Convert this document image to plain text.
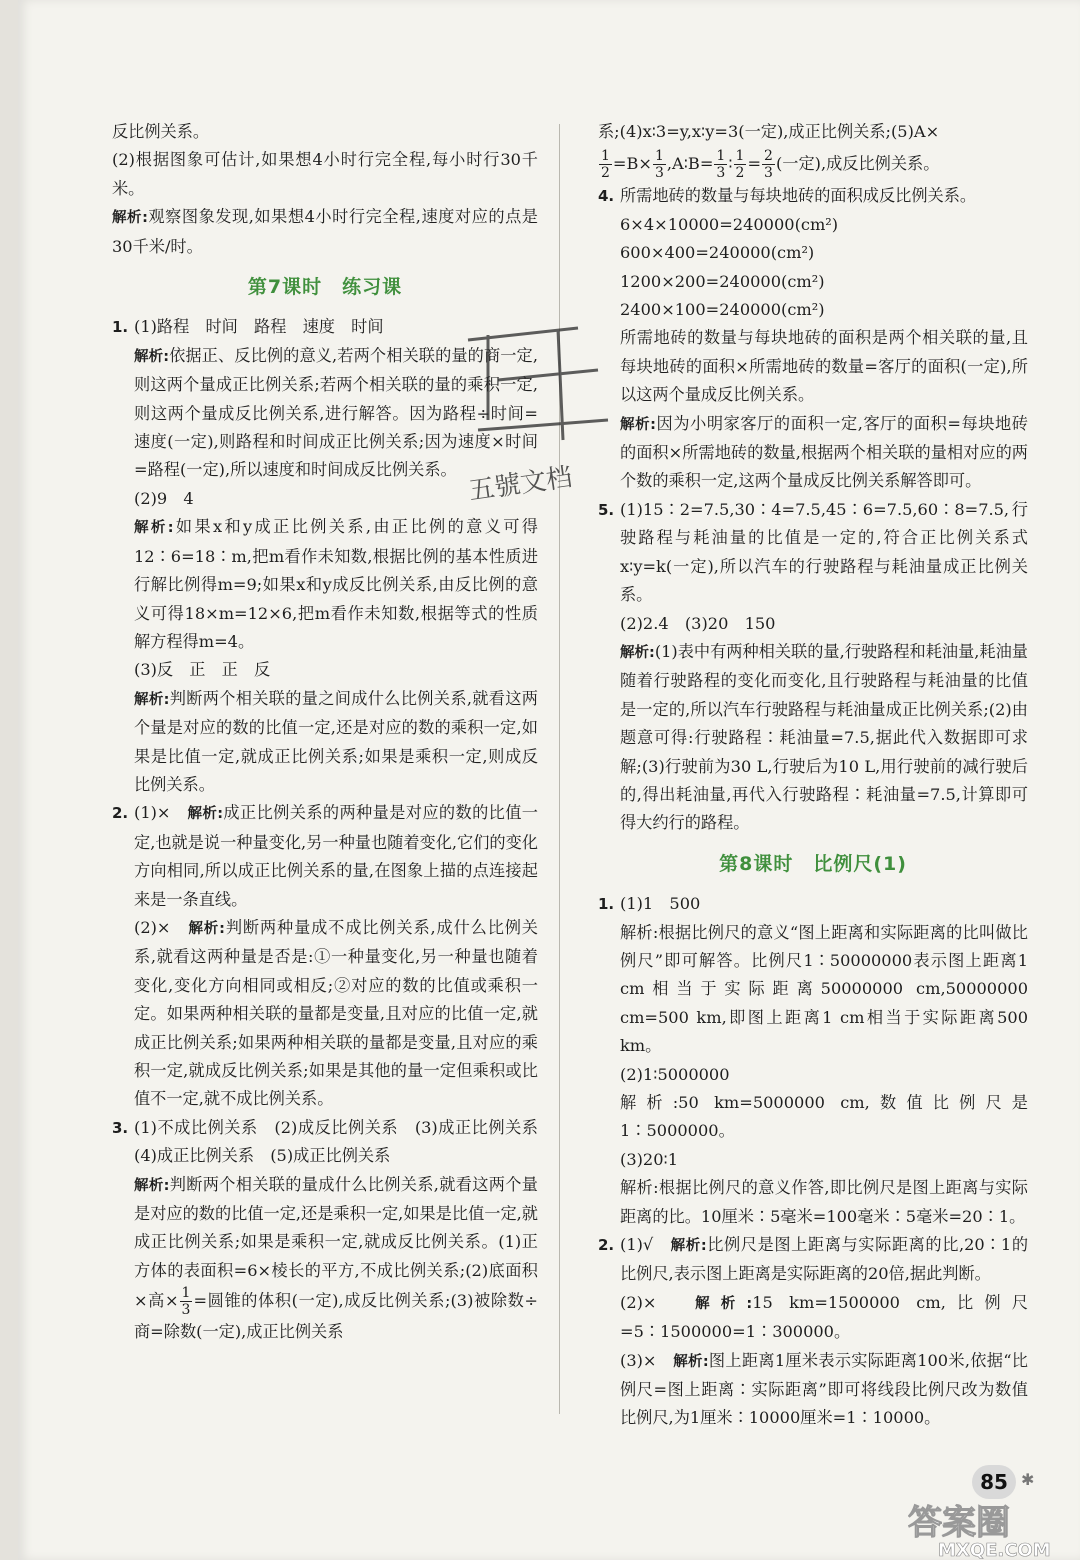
反比例关系。

(2)根据图象可估计,如果想4小时行完全程,每小时行30千米。

解析:观察图象发现,如果想4小时行完全程,速度对应的点是30千米/时。

第7课时　练习课
1. (1)路程　时间　路程　速度　时间

解析:依据正、反比例的意义,若两个相关联的量的商一定,则这两个量成正比例关系;若两个相关联的量的乘积一定,则这两个量成反比例关系,进行解答。因为路程÷时间=速度(一定),则路程和时间成正比例关系;因为速度×时间=路程(一定),所以速度和时间成反比例关系。

(2)9　4

解析:如果x和y成正比例关系,由正比例的意义可得12∶6=18∶m,把m看作未知数,根据比例的基本性质进行解比例得m=9;如果x和y成反比例关系,由反比例的意义可得18×m=12×6,把m看作未知数,根据等式的性质解方程得m=4。

(3)反　正　正　反

解析:判断两个相关联的量之间成什么比例关系,就看这两个量是对应的数的比值一定,还是对应的数的乘积一定,如果是比值一定,就成正比例关系;如果是乘积一定,则成反比例关系。

2. (1)×　 解析:成正比例关系的两种量是对应的数的比值一定,也就是说一种量变化,另一种量也随着变化,它们的变化方向相同,所以成正比例关系的量,在图象上描的点连接起来是一条直线。

(2)×　 解析:判断两种量成不成比例关系,成什么比例关系,就看这两种量是否是:①一种量变化,另一种量也随着变化,变化方向相同或相反;②对应的数的比值或乘积一定。如果两种相关联的量都是变量,且对应的比值一定,就成正比例关系;如果两种相关联的量都是变量,且对应的乘积一定,就成反比例关系;如果是其他的量一定但乘积或比值不一定,就不成比例关系。

3. (1)不成比例关系　(2)成反比例关系　(3)成正比例关系　(4)成正比例关系　(5)成正比例关系

解析:判断两个相关联的量成什么比例关系,就看这两个量是对应的数的比值一定,还是乘积一定,如果是比值一定,就成正比例关系;如果是乘积一定,就成反比例关系。(1)正方体的表面积=6×棱长的平方,不成比例关系;(2)底面积×高× $\frac{1}{3}$ =圆锥的体积(一定),成反比例关系;(3)被除数÷商=除数(一定),成正比例关系

系;(4)x∶3=y,x∶y=3(一定),成正比例关系;(5)A×

$\frac{1}{2} =B\times \frac{1}{3}$ ,A∶B= $\frac{1}{3}$ ∶ $\frac{1}{2} = \frac{2}{3}$ (一定),成反比例关系。

4. 所需地砖的数量与每块地砖的面积成反比例关系。

6×4×10000=240000(cm²)

600×400=240000(cm²)

1200×200=240000(cm²)

2400×100=240000(cm²)

所需地砖的数量与每块地砖的面积是两个相关联的量,且每块地砖的面积×所需地砖的数量=客厅的面积(一定),所以这两个量成反比例关系。

解析:因为小明家客厅的面积一定,客厅的面积=每块地砖的面积×所需地砖的数量,根据两个相关联的量相对应的两个数的乘积一定,这两个量成反比例关系解答即可。

5. (1)15∶2=7.5,30∶4=7.5,45∶6=7.5,60∶8=7.5,行驶路程与耗油量的比值是一定的,符合正比例关系式x∶y=k(一定),所以汽车的行驶路程与耗油量成正比例关系。

(2)2.4　(3)20　150

解析:(1)表中有两种相关联的量,行驶路程和耗油量,耗油量随着行驶路程的变化而变化,且行驶路程与耗油量的比值是一定的,所以汽车行驶路程与耗油量成正比例关系;(2)由题意可得:行驶路程∶耗油量=7.5,据此代入数据即可求解;(3)行驶前为30 L,行驶后为10 L,用行驶前的减行驶后的,得出耗油量,再代入行驶路程∶耗油量=7.5,计算即可得大约行的路程。

第8课时　比例尺(1)
1. (1)1　500

解析:根据比例尺的意义“图上距离和实际距离的比叫做比例尺”即可解答。比例尺1∶50000000表示图上距离1 cm相当于实际距离50000000 cm,50000000 cm=500 km,即图上距离1 cm相当于实际距离500 km。

(2)1∶5000000

解析:50 km=5000000 cm,数值比例尺是1∶5000000。

(3)20∶1

解析:根据比例尺的意义作答,即比例尺是图上距离与实际距离的比。10厘米∶5毫米=100毫米∶5毫米=20∶1。

2. (1)√　 解析:比例尺是图上距离与实际距离的比,20∶1的比例尺,表示图上距离是实际距离的20倍,据此判断。

(2)×　	解析:15 km=1500000 cm,比例尺=5∶1500000=1∶300000。

(3)×　 解析:图上距离1厘米表示实际距离100米,依据“比例尺=图上距离∶实际距离”即可将线段比例尺改为数值比例尺,为1厘米∶10000厘米=1∶10000。

五號文档
85 ✱
答案圈
MXQE.COM
